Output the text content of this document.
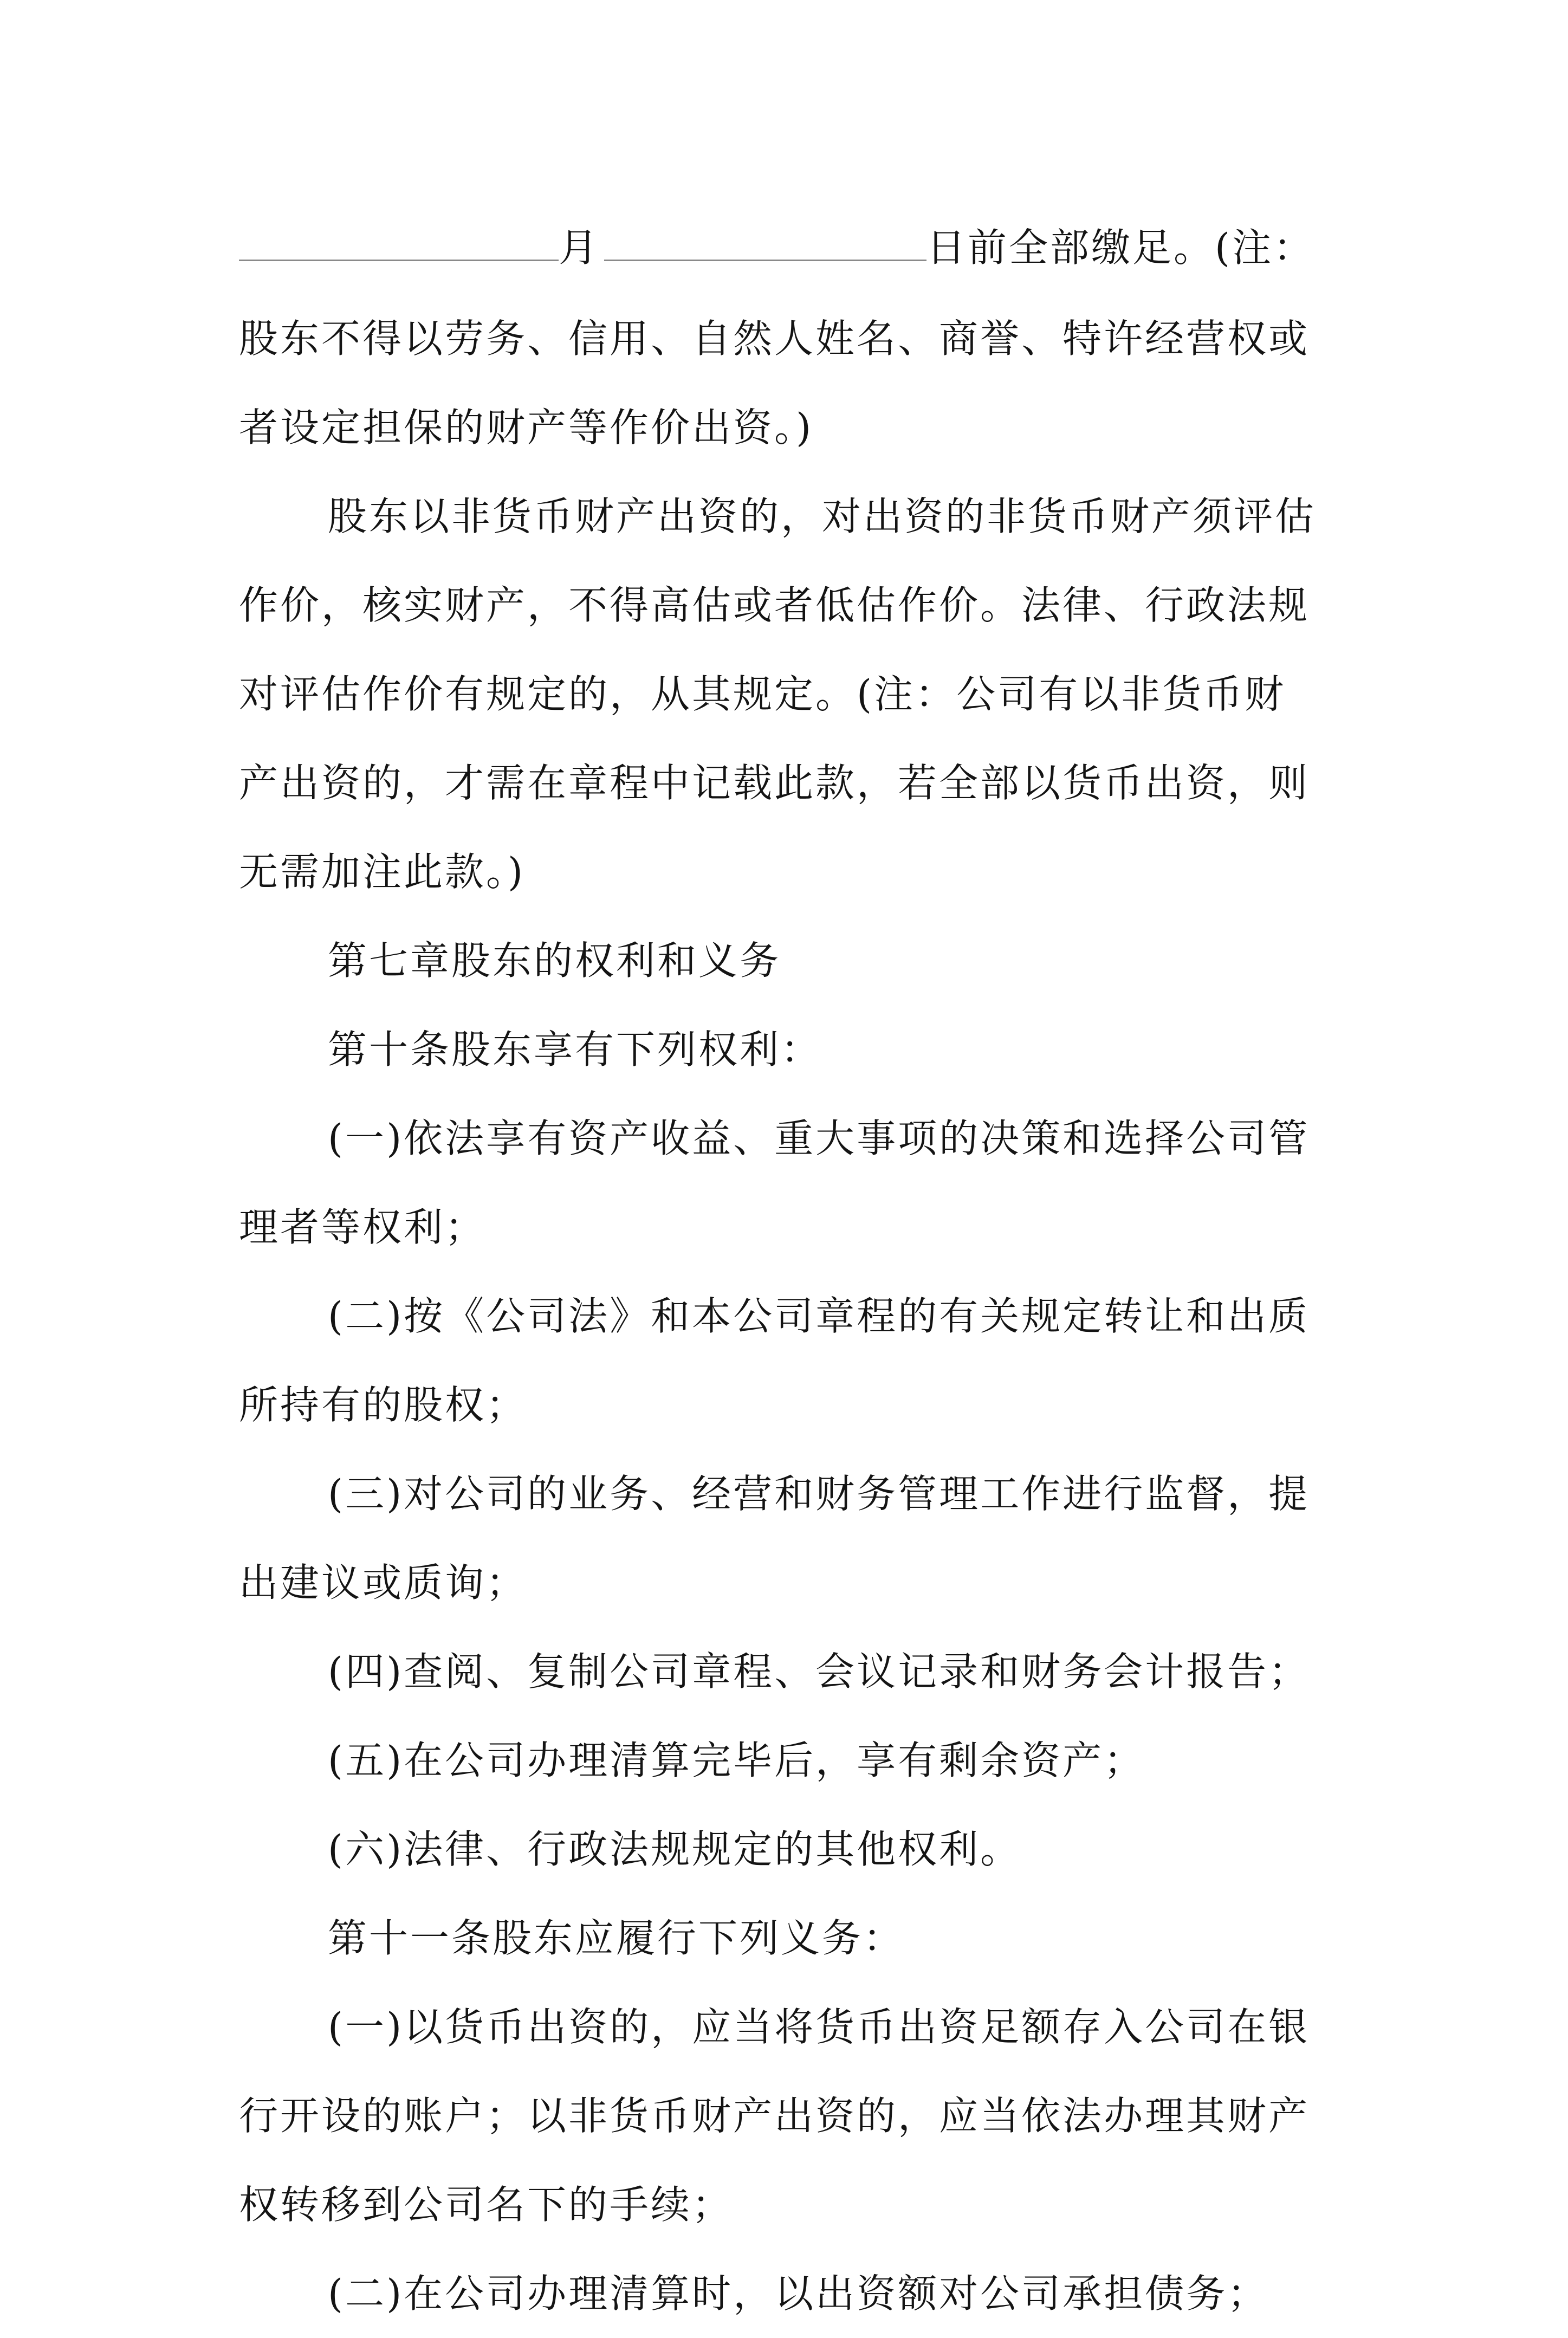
月	日前全部缴足。(注：
股东不得以劳务、信用、自然人姓名、商誉、特许经营权或
者设定担保的财产等作价出资。)
股东以非货币财产出资的，对出资的非货币财产须评估
作价，核实财产，不得高估或者低估作价。法律、行政法规
对评估作价有规定的，从其规定。(注：公司有以非货币财
产出资的，才需在章程中记载此款，若全部以货币出资，则
无需加注此款。)
第七章股东的权利和义务
第十条股东享有下列权利：
(一)依法享有资产收益、重大事项的决策和选择公司管
理者等权利；
(二)按《公司法》和本公司章程的有关规定转让和出质
所持有的股权；
(三)对公司的业务、经营和财务管理工作进行监督，提
出建议或质询；
(四)查阅、复制公司章程、会议记录和财务会计报告；
(五)在公司办理清算完毕后，享有剩余资产；
(六)法律、行政法规规定的其他权利。
第十一条股东应履行下列义务：
(一)以货币出资的，应当将货币出资足额存入公司在银
行开设的账户；以非货币财产出资的，应当依法办理其财产
权转移到公司名下的手续；
(二)在公司办理清算时，以出资额对公司承担债务；
